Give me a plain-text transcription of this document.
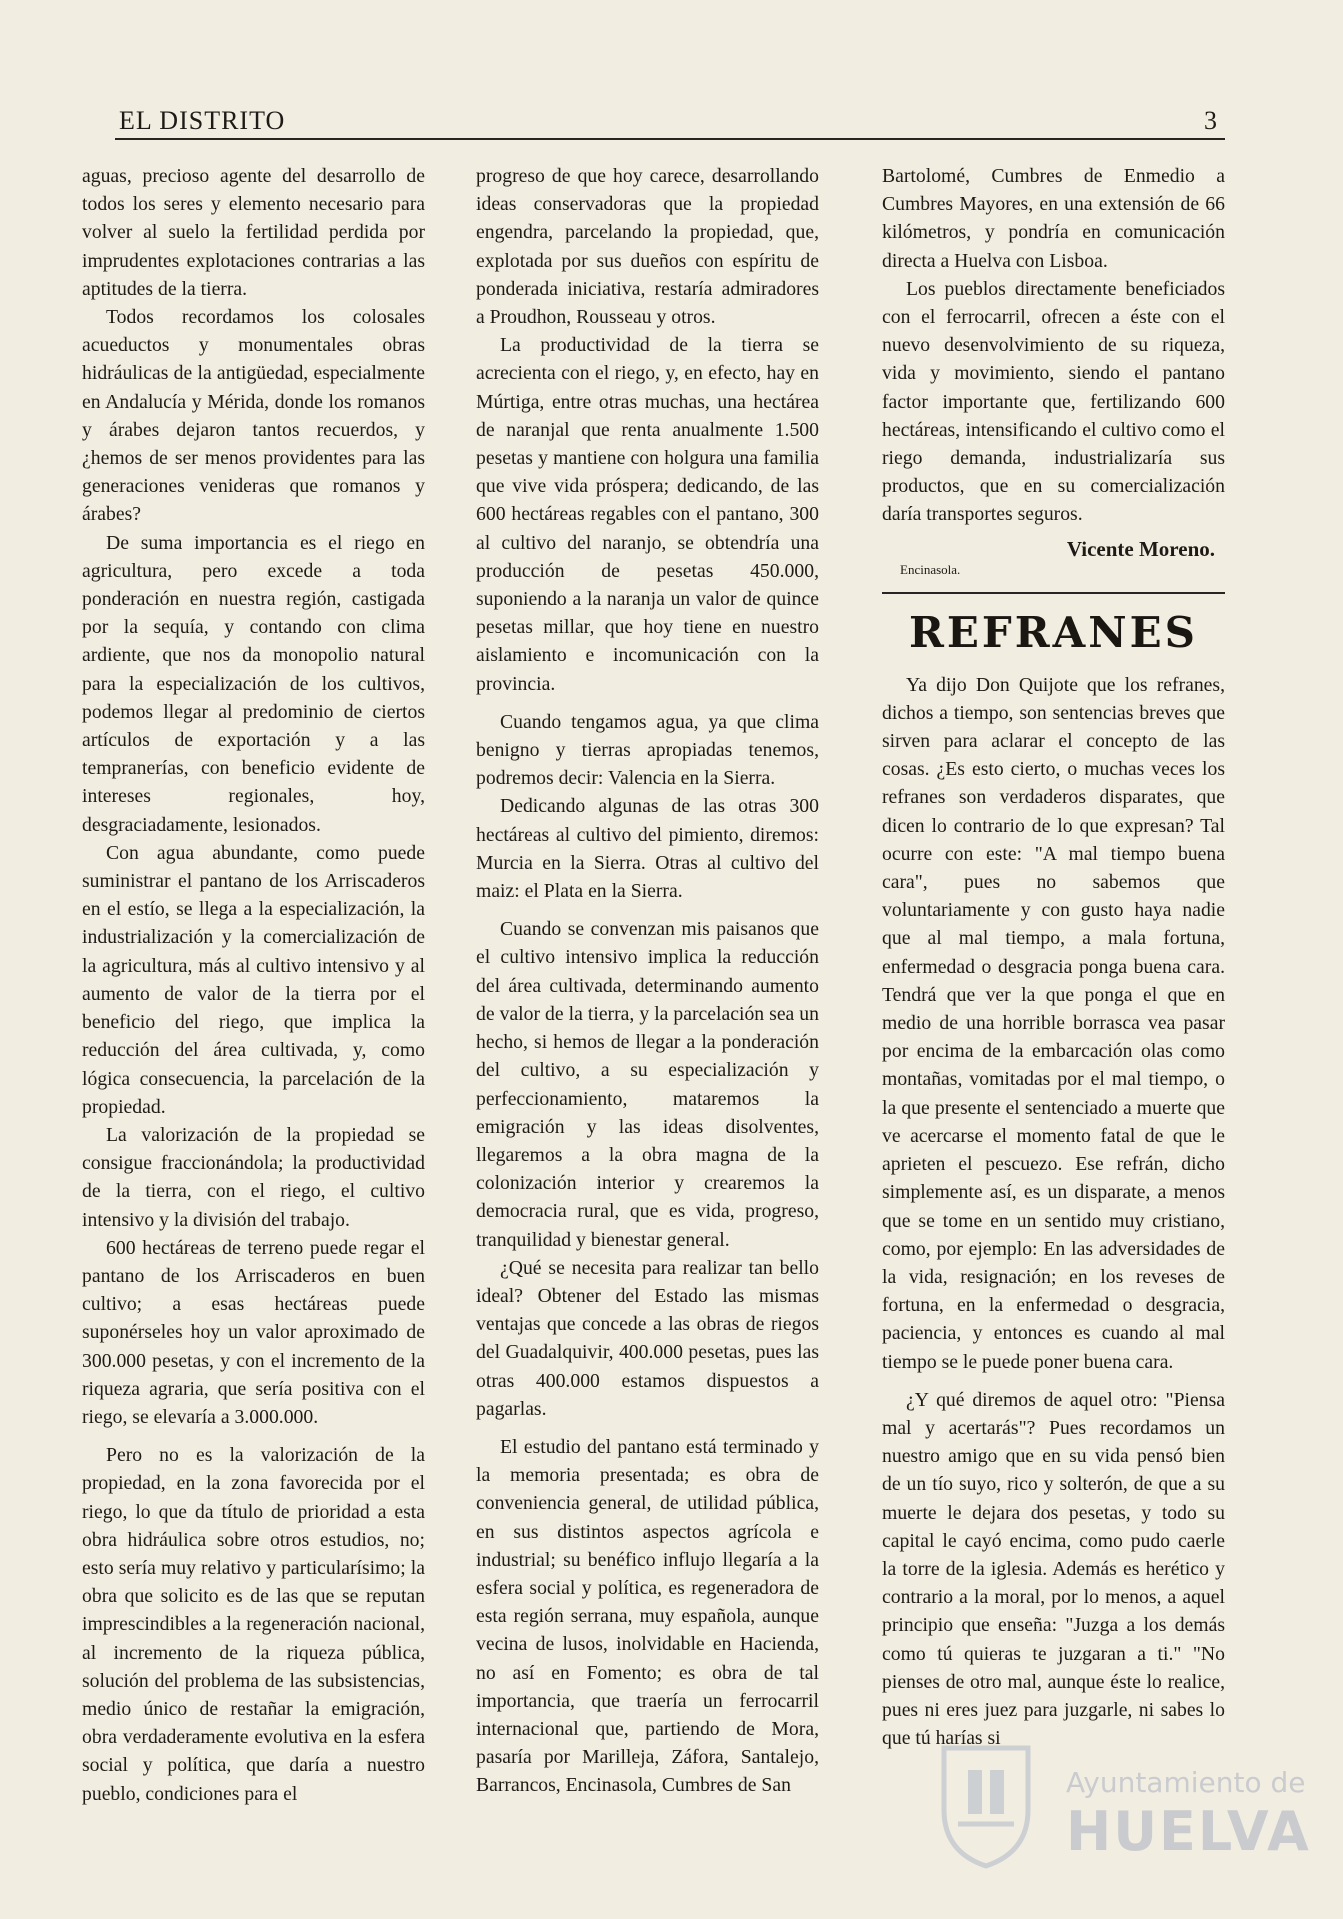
EL DISTRITO	3

aguas, precioso agente del desarrollo de todos los seres y elemento necesario para volver al suelo la fertilidad perdida por imprudentes explotaciones contrarias a las aptitudes de la tierra.

Todos recordamos los colosales acueductos y monumentales obras hidráulicas de la antigüedad, especialmente en Andalucía y Mérida, donde los romanos y árabes dejaron tantos recuerdos, y ¿hemos de ser menos providentes para las generaciones venideras que romanos y árabes?

De suma importancia es el riego en agricultura, pero excede a toda ponderación en nuestra región, castigada por la sequía, y contando con clima ardiente, que nos da monopolio natural para la especialización de los cultivos, podemos llegar al predominio de ciertos artículos de exportación y a las tempranerías, con beneficio evidente de intereses regionales, hoy, desgraciadamente, lesionados.

Con agua abundante, como puede suministrar el pantano de los Arriscaderos en el estío, se llega a la especialización, la industrialización y la comercialización de la agricultura, más al cultivo intensivo y al aumento de valor de la tierra por el beneficio del riego, que implica la reducción del área cultivada, y, como lógica consecuencia, la parcelación de la propiedad.

La valorización de la propiedad se consigue fraccionándola; la productividad de la tierra, con el riego, el cultivo intensivo y la división del trabajo.

600 hectáreas de terreno puede regar el pantano de los Arriscaderos en buen cultivo; a esas hectáreas puede suponérseles hoy un valor aproximado de 300.000 pesetas, y con el incremento de la riqueza agraria, que sería positiva con el riego, se elevaría a 3.000.000.

Pero no es la valorización de la propiedad, en la zona favorecida por el riego, lo que da título de prioridad a esta obra hidráulica sobre otros estudios, no; esto sería muy relativo y particularísimo; la obra que solicito es de las que se reputan imprescindibles a la regeneración nacional, al incremento de la riqueza pública, solución del problema de las subsistencias, medio único de restañar la emigración, obra verdaderamente evolutiva en la esfera social y política, que daría a nuestro pueblo, condiciones para el

progreso de que hoy carece, desarrollando ideas conservadoras que la propiedad engendra, parcelando la propiedad, que, explotada por sus dueños con espíritu de ponderada iniciativa, restaría admiradores a Proudhon, Rousseau y otros.

La productividad de la tierra se acrecienta con el riego, y, en efecto, hay en Múrtiga, entre otras muchas, una hectárea de naranjal que renta anualmente 1.500 pesetas y mantiene con holgura una familia que vive vida próspera; dedicando, de las 600 hectáreas regables con el pantano, 300 al cultivo del naranjo, se obtendría una producción de pesetas 450.000, suponiendo a la naranja un valor de quince pesetas millar, que hoy tiene en nuestro aislamiento e incomunicación con la provincia.

Cuando tengamos agua, ya que clima benigno y tierras apropiadas tenemos, podremos decir: Valencia en la Sierra.

Dedicando algunas de las otras 300 hectáreas al cultivo del pimiento, diremos: Murcia en la Sierra. Otras al cultivo del maiz: el Plata en la Sierra.

Cuando se convenzan mis paisanos que el cultivo intensivo implica la reducción del área cultivada, determinando aumento de valor de la tierra, y la parcelación sea un hecho, si hemos de llegar a la ponderación del cultivo, a su especialización y perfeccionamiento, mataremos la emigración y las ideas disolventes, llegaremos a la obra magna de la colonización interior y crearemos la democracia rural, que es vida, progreso, tranquilidad y bienestar general.

¿Qué se necesita para realizar tan bello ideal? Obtener del Estado las mismas ventajas que concede a las obras de riegos del Guadalquivir, 400.000 pesetas, pues las otras 400.000 estamos dispuestos a pagarlas.

El estudio del pantano está terminado y la memoria presentada; es obra de conveniencia general, de utilidad pública, en sus distintos aspectos agrícola e industrial; su benéfico influjo llegaría a la esfera social y política, es regeneradora de esta región serrana, muy española, aunque vecina de lusos, inolvidable en Hacienda, no así en Fomento; es obra de tal importancia, que traería un ferrocarril internacional que, partiendo de Mora, pasaría por Marilleja, Záfora, Santalejo, Barrancos, Encinasola, Cumbres de San

Bartolomé, Cumbres de Enmedio a Cumbres Mayores, en una extensión de 66 kilómetros, y pondría en comunicación directa a Huelva con Lisboa.

Los pueblos directamente beneficiados con el ferrocarril, ofrecen a éste con el nuevo desenvolvimiento de su riqueza, vida y movimiento, siendo el pantano factor importante que, fertilizando 600 hectáreas, intensificando el cultivo como el riego demanda, industrializaría sus productos, que en su comercialización daría transportes seguros.

Vicente Moreno.
Encinasola.
REFRANES

Ya dijo Don Quijote que los refranes, dichos a tiempo, son sentencias breves que sirven para aclarar el concepto de las cosas. ¿Es esto cierto, o muchas veces los refranes son verdaderos disparates, que dicen lo contrario de lo que expresan? Tal ocurre con este: "A mal tiempo buena cara", pues no sabemos que voluntariamente y con gusto haya nadie que al mal tiempo, a mala fortuna, enfermedad o desgracia ponga buena cara. Tendrá que ver la que ponga el que en medio de una horrible borrasca vea pasar por encima de la embarcación olas como montañas, vomitadas por el mal tiempo, o la que presente el sentenciado a muerte que ve acercarse el momento fatal de que le aprieten el pescuezo. Ese refrán, dicho simplemente así, es un disparate, a menos que se tome en un sentido muy cristiano, como, por ejemplo: En las adversidades de la vida, resignación; en los reveses de fortuna, en la enfermedad o desgracia, paciencia, y entonces es cuando al mal tiempo se le puede poner buena cara.

¿Y qué diremos de aquel otro: "Piensa mal y acertarás"? Pues recordamos un nuestro amigo que en su vida pensó bien de un tío suyo, rico y solterón, de que a su muerte le dejara dos pesetas, y todo su capital le cayó encima, como pudo caerle la torre de la iglesia. Además es herético y contrario a la moral, por lo menos, a aquel principio que enseña: "Juzga a los demás como tú quieras te juzgaran a ti." "No pienses de otro mal, aunque éste lo realice, pues ni eres juez para juzgarle, ni sabes lo que tú harías si

Ayuntamiento de
HUELVA
